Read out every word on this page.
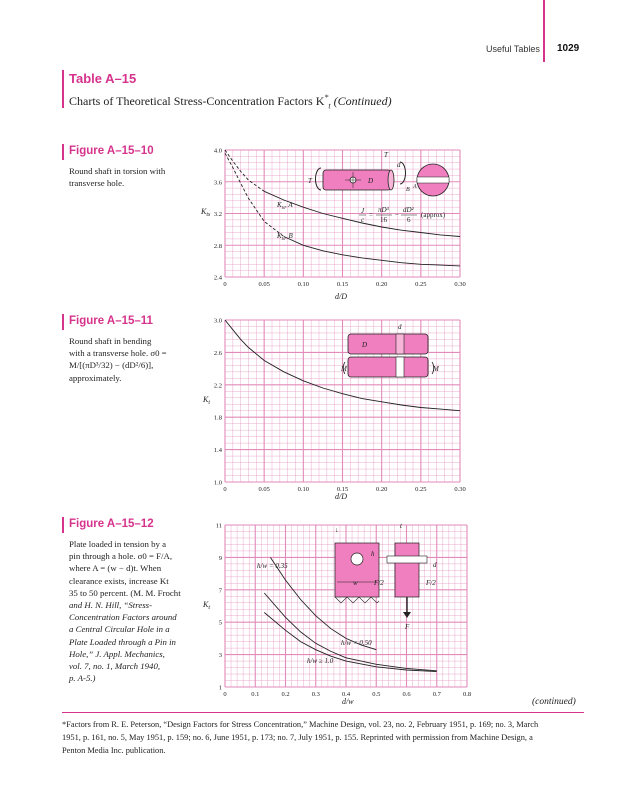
Useful Tables 1029
Table A–15
Charts of Theoretical Stress-Concentration Factors $K^*_t$ (Continued)
Figure A–15–10
Round shaft in torsion with
transverse hole.
0	0.05	0.10	0.15	0.20	0.25	0.30
2.4
2.8
3.2
3.6
4.0
$K_{ts}$
d/D
$K_{ts}$, A
$K_{ts}$, B
T	D
T
d
B A
J
c
=
πD³
16
−
dD²
6
(approx)
Figure A–15–11
Round shaft in bending
with a transverse hole. σ0 =
M/[(πD³/32) − (dD²/6)],
approximately.
0	0.05	0.10	0.15	0.20	0.25	0.30
1.0
1.4
1.8
2.2
2.6
3.0
$K_t$
d/D
d
D
M	M
Figure A–15–12
Plate loaded in tension by a
pin through a hole. σ0 = F/A,
where A = (w − d)t. When
clearance exists, increase Kt
35 to 50 percent. (M. M. Frocht
and H. N. Hill, “Stress-
Concentration Factors around
a Central Circular Hole in a
Plate Loaded through a Pin in
Hole,” J. Appl. Mechanics,
vol. 7, no. 1, March 1940,
p. A-5.)
0	0.1	0.2	0.3	0.4	0.5	0.6	0.7	0.8
1
3
5
7
9
11
$K_t$
d/w
h/w = 0.35
h/w = 0.50
h/w ≥ 1.0
↓
h
w
t
d
F/2	F/2
F
(continued)
*Factors from R. E. Peterson, “Design Factors for Stress Concentration,” Machine Design, vol. 23, no. 2, February 1951, p. 169; no. 3, March
1951, p. 161, no. 5, May 1951, p. 159; no. 6, June 1951, p. 173; no. 7, July 1951, p. 155. Reprinted with permission from Machine Design, a
Penton Media Inc. publication.
